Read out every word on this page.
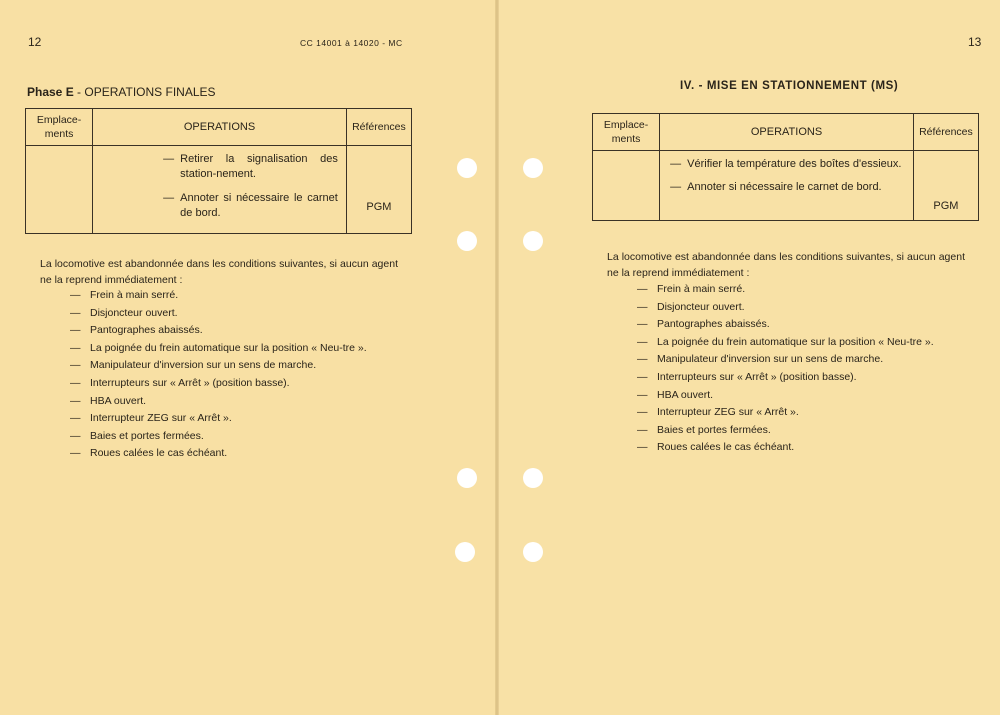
12	CC 14001 à 14020 - MC
Phase E - OPERATIONS FINALES
Emplace-
ments	OPERATIONS	Références

	— Retirer la signalisation des station-nement.
— Annoter si nécessaire le carnet de bord.	PGM
La locomotive est abandonnée dans les conditions suivantes, si aucun agent ne la reprend immédiatement :
— Frein à main serré.
— Disjoncteur ouvert.
— Pantographes abaissés.
— La poignée du frein automatique sur la position « Neu-tre ».
— Manipulateur d'inversion sur un sens de marche.
— Interrupteurs sur « Arrêt » (position basse).
— HBA ouvert.
— Interrupteur ZEG sur « Arrêt ».
— Baies et portes fermées.
— Roues calées le cas échéant.
13
IV. - MISE EN STATIONNEMENT (MS)
Emplace-
ments	OPERATIONS	Références

	— Vérifier la température des boîtes d'essieux.
— Annoter si nécessaire le carnet de bord.	PGM
La locomotive est abandonnée dans les conditions suivantes, si aucun agent ne la reprend immédiatement :
— Frein à main serré.
— Disjoncteur ouvert.
— Pantographes abaissés.
— La poignée du frein automatique sur la position « Neu-tre ».
— Manipulateur d'inversion sur un sens de marche.
— Interrupteurs sur « Arrêt » (position basse).
— HBA ouvert.
— Interrupteur ZEG sur « Arrêt ».
— Baies et portes fermées.
— Roues calées le cas échéant.
